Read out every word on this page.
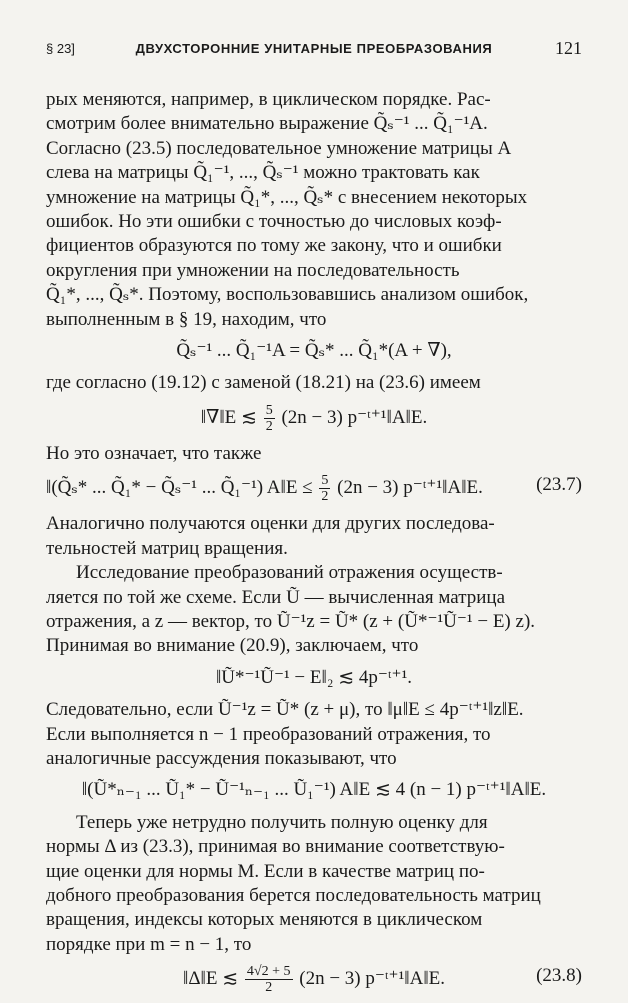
§ 23]	ДВУХСТОРОННИЕ УНИТАРНЫЕ ПРЕОБРАЗОВАНИЯ	121

рых меняются, например, в циклическом порядке. Рас-
смотрим более внимательно выражение Q̃ₛ⁻¹ ... Q̃₁⁻¹A.
Согласно (23.5) последовательное умножение матрицы A
слева на матрицы Q̃₁⁻¹, ..., Q̃ₛ⁻¹ можно трактовать как
умножение на матрицы Q̃₁*, ..., Q̃ₛ* с внесением некоторых
ошибок. Но эти ошибки с точностью до числовых коэф-
фициентов образуются по тому же закону, что и ошибки
округления при умножении на последовательность
Q̃₁*, ..., Q̃ₛ*. Поэтому, воспользовавшись анализом ошибок,
выполненным в § 19, находим, что

Q̃ₛ⁻¹ ... Q̃₁⁻¹A = Q̃ₛ* ... Q̃₁*(A + ∇),

где согласно (19.12) с заменой (18.21) на (23.6) имеем

‖∇‖E ≲ $\frac{5}{2} (2n - 3)$ p⁻ᵗ⁺¹‖A‖E.

Но это означает, что также

‖(Q̃ₛ* ... Q̃₁* − Q̃ₛ⁻¹ ... Q̃₁⁻¹) A‖E ≤ $\frac{5}{2} (2n - 3)$ p⁻ᵗ⁺¹‖A‖E.	(23.7)

Аналогично получаются оценки для других последова-
тельностей матриц вращения.

Исследование преобразований отражения осуществ-
ляется по той же схеме. Если Ũ — вычисленная матрица
отражения, а z — вектор, то Ũ⁻¹z = Ũ* (z + (Ũ*⁻¹Ũ⁻¹ − E) z).
Принимая во внимание (20.9), заключаем, что

‖Ũ*⁻¹Ũ⁻¹ − E‖₂ ≲ 4p⁻ᵗ⁺¹.

Следовательно, если Ũ⁻¹z = Ũ* (z + μ), то ‖μ‖E ≤ 4p⁻ᵗ⁺¹‖z‖E.
Если выполняется n − 1 преобразований отражения, то
аналогичные рассуждения показывают, что

‖(Ũ*ₙ₋₁ ... Ũ₁* − Ũ⁻¹ₙ₋₁ ... Ũ₁⁻¹) A‖E ≲ 4 (n − 1) p⁻ᵗ⁺¹‖A‖E.

Теперь уже нетрудно получить полную оценку для
нормы Δ из (23.3), принимая во внимание соответствую-
щие оценки для нормы M. Если в качестве матриц по-
добного преобразования берется последовательность матриц
вращения, индексы которых меняются в циклическом
порядке при m = n − 1, то

‖Δ‖E ≲ $\frac{4√2 + 5}{2} (2n - 3)$ p⁻ᵗ⁺¹‖A‖E.	(23.8)
